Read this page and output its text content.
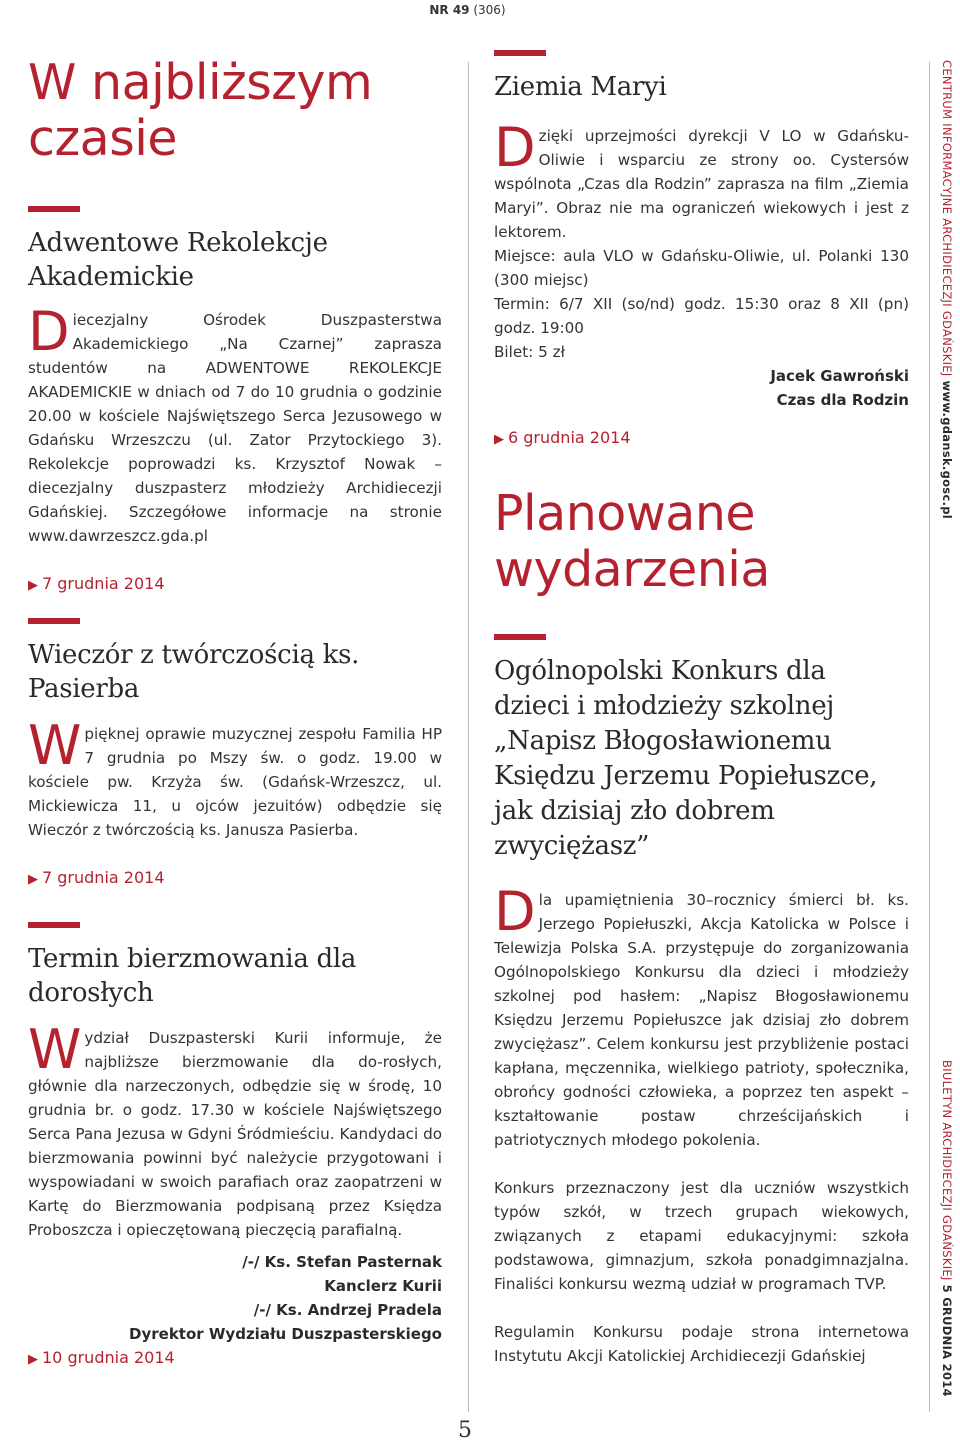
NR 49 (306)
W najbliższym
czasie
Adwentowe Rekolekcje Akademickie

Diecezjalny Ośrodek Duszpasterstwa Akademickiego „Na Czarnej” zaprasza studentów na ADWENTOWE REKOLEKCJE AKADEMICKIE w dniach od 7 do 10 grudnia o godzinie 20.00 w kościele Najświętszego Serca Jezusowego w Gdańsku Wrzeszczu (ul. Zator Przytockiego 3). Rekolekcje poprowadzi ks. Krzysztof Nowak – diecezjalny duszpasterz młodzieży Archidiecezji Gdańskiej. Szczegółowe informacje na stronie www.dawrzeszcz.gda.pl

▶ 7 grudnia 2014
Wieczór z twórczością ks. Pasierba

Wpięknej oprawie muzycznej zespołu Familia HP 7 grudnia po Mszy św. o godz. 19.00 w kościele pw. Krzyża św. (Gdańsk-Wrzeszcz, ul. Mickiewicza 11, u ojców jezuitów) odbędzie się Wieczór z twórczością ks. Janusza Pasierba.

▶ 7 grudnia 2014
Termin bierzmowania dla dorosłych

Wydział Duszpasterski Kurii informuje, że najbliższe bierzmowanie dla do-rosłych, głównie dla narzeczonych, odbędzie się w środę, 10 grudnia br. o godz. 17.30 w kościele Najświętszego Serca Pana Jezusa w Gdyni Śródmieściu. Kandydaci do bierzmowania powinni być należycie przygotowani i wyspowiadani w swoich parafiach oraz zaopatrzeni w Kartę do Bierzmowania podpisaną przez Księdza Proboszcza i opieczętowaną pieczęcią parafialną.

/-/ Ks. Stefan Pasternak
Kanclerz Kurii
/-/ Ks. Andrzej Pradela
Dyrektor Wydziału Duszpasterskiego
▶ 10 grudnia 2014
Ziemia Maryi

Dzięki uprzejmości dyrekcji V LO w Gdańsku-Oliwie i wsparciu ze strony oo. Cystersów wspólnota „Czas dla Rodzin” zaprasza na film „Ziemia Maryi”. Obraz nie ma ograniczeń wiekowych i jest z lektorem.

Miejsce: aula VLO w Gdańsku-Oliwie, ul. Polanki 130 (300 miejsc)

Termin: 6/7 XII (so/nd) godz. 15:30 oraz 8 XII (pn) godz. 19:00

Bilet: 5 zł

Jacek Gawroński
Czas dla Rodzin
▶ 6 grudnia 2014
Planowane
wydarzenia
Ogólnopolski Konkurs dla dzieci i młodzieży szkolnej „Napisz Błogosławionemu Księdzu Jerzemu Popiełuszce, jak dzisiaj zło dobrem zwyciężasz”

Dla upamiętnienia 30–rocznicy śmierci bł. ks. Jerzego Popiełuszki, Akcja Katolicka w Polsce i Telewizja Polska S.A. przystępuje do zorganizowania Ogólnopolskiego Konkursu dla dzieci i młodzieży szkolnej pod hasłem: „Napisz Błogosławionemu Księdzu Jerzemu Popiełuszce jak dzisiaj zło dobrem zwyciężasz”. Celem konkursu jest przybliżenie postaci kapłana, męczennika, wielkiego patrioty, społecznika, obrońcy godności człowieka, a poprzez ten aspekt – kształtowanie postaw chrześcijańskich i patriotycznych młodego pokolenia.

Konkurs przeznaczony jest dla uczniów wszystkich typów szkół, w trzech grupach wiekowych, związanych z etapami edukacyjnymi: szkoła podstawowa, gimnazjum, szkoła ponadgimnazjalna. Finaliści konkursu wezmą udział w programach TVP.

Regulamin Konkursu podaje strona internetowa Instytutu Akcji Katolickiej Archidiecezji Gdańskiej

CENTRUM INFORMACYJNE ARCHIDIECEZJI GDAŃSKIEJ www.gdansk.gosc.pl
BIULETYN ARCHIDIECEZJI GDAŃSKIEJ 5 GRUDNIA 2014
5
